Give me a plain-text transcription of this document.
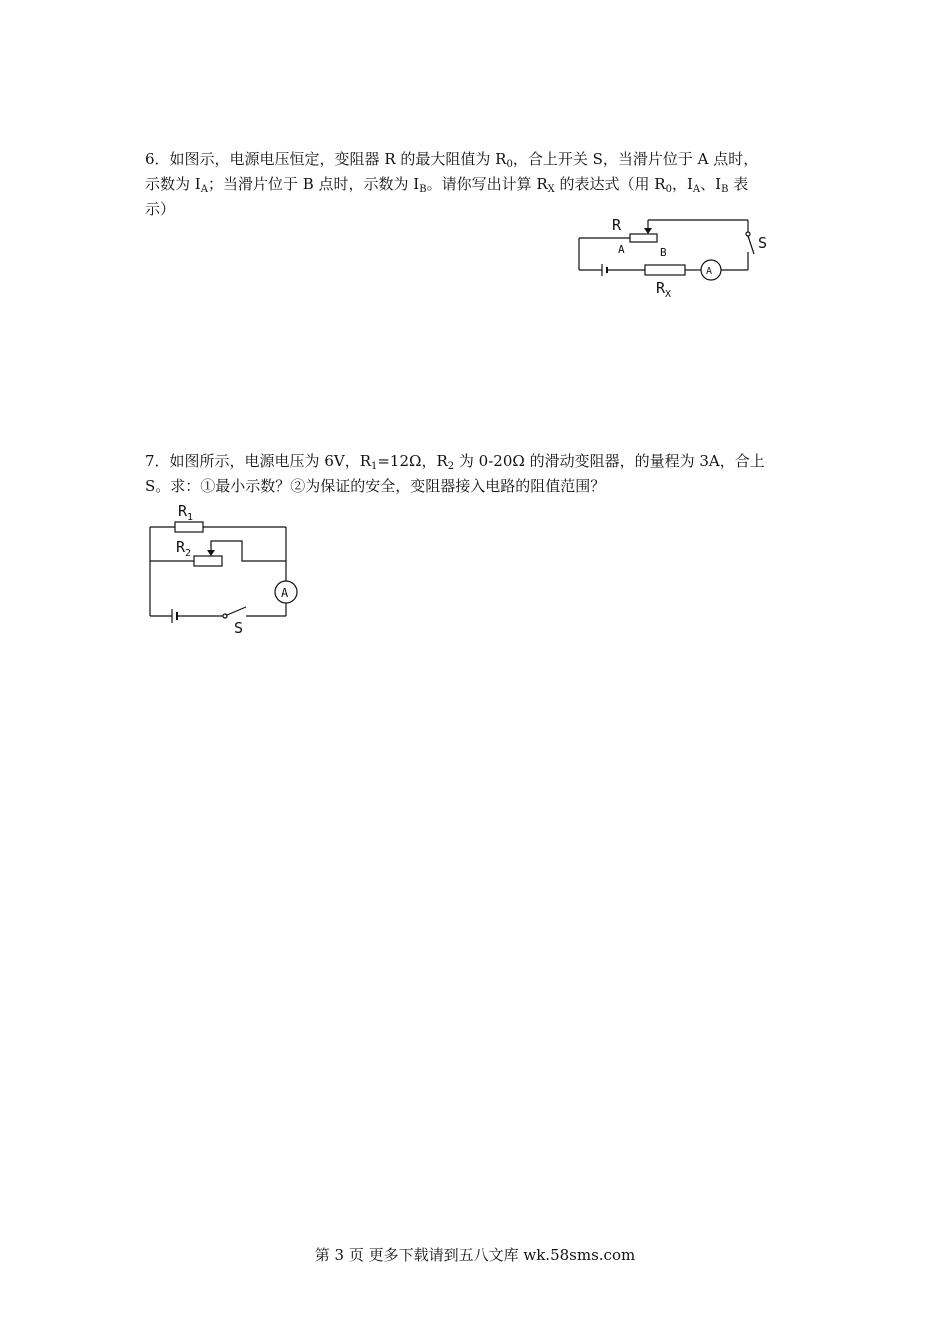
6．如图示，电源电压恒定，变阻器 R 的最大阻值为 $R_0$，合上开关 S，当滑片位于 A 点时，
示数为 $I_A$；当滑片位于 B 点时，示数为 $I_B$。请你写出计算 $R_X$ 的表达式（用 $R_0$，$I_A$、$I_B$ 表
示）
R
A	B
S
A
$R_X$
7．如图所示，电源电压为 6V，$R_1=12\Omega$，$R_2$ 为 0-20Ω 的滑动变阻器，的量程为 3A，合上
S。求：①最小示数？②为保证的安全，变阻器接入电路的阻值范围？
$R_1$
$R_2$
S
A
第 3 页 更多下载请到五八文库 wk.58sms.com
